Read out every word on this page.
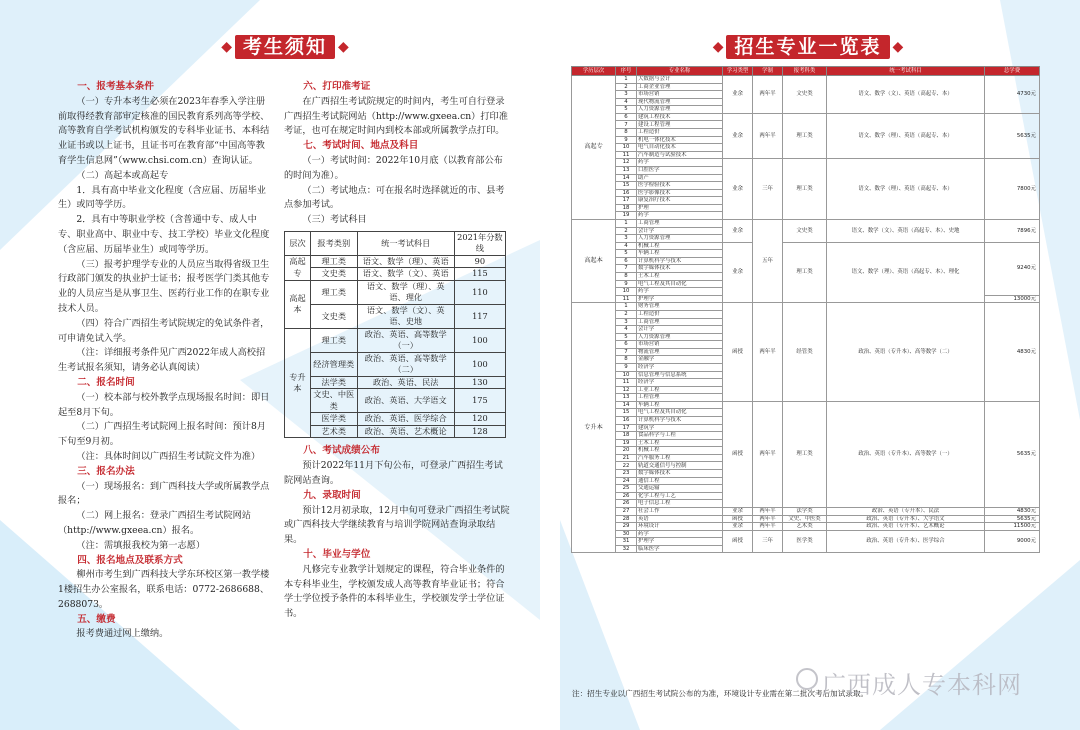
◆ 考生须知 ◆	◆ 招生专业一览表 ◆

一、报考基本条件

（一）专升本考生必须在2023年春季入学注册前取得经教育部审定核准的国民教育系列高等学校、高等教育自学考试机构颁发的专科毕业证书、本科结业证书或以上证书，且证书可在教育部“中国高等教育学生信息网”（www.chsi.com.cn）查询认证。

（二）高起本或高起专

1．具有高中毕业文化程度（含应届、历届毕业生）或同等学历。

2．具有中等职业学校（含普通中专、成人中专、职业高中、职业中专、技工学校）毕业文化程度（含应届、历届毕业生）或同等学历。

（三）报考护理学专业的人员应当取得省级卫生行政部门颁发的执业护士证书；报考医学门类其他专业的人员应当是从事卫生、医药行业工作的在职专业技术人员。

（四）符合广西招生考试院规定的免试条件者，可申请免试入学。

（注：详细报考条件见广西2022年成人高校招生考试报名须知，请务必认真阅读）

二、报名时间

（一）校本部与校外教学点现场报名时间：即日起至8月下旬。

（二）广西招生考试院网上报名时间：预计8月下旬至9月初。

（注：具体时间以广西招生考试院文件为准）

三、报名办法

（一）现场报名：到广西科技大学或所属教学点报名；

（二）网上报名：登录广西招生考试院网站（http://www.gxeea.cn）报名。

（注：需填报我校为第一志愿）

四、报名地点及联系方式

柳州市考生到广西科技大学东环校区第一教学楼1楼招生办公室报名，联系电话：0772-2686688、2688073。

五、缴费

报考费通过网上缴纳。

六、打印准考证

在广西招生考试院规定的时间内，考生可自行登录广西招生考试院网站（http://www.gxeea.cn）打印准考证，也可在规定时间内到校本部或所属教学点打印。

七、考试时间、地点及科目

（一）考试时间：2022年10月底（以教育部公布的时间为准）。

（二）考试地点：可在报名时选择就近的市、县考点参加考试。

（三）考试科目

层次	报考类别	统一考试科目	2021年分数线
高起专	理工类	语文、数学（理）、英语	90
	文史类	语文、数学（文）、英语	115
高起本	理工类	语文、数学（理）、英语、理化	110
	文史类	语文、数学（文）、英语、史地	117
专升本	理工类	政治、英语、高等数学（一）	100
	经济管理类	政治、英语、高等数学（二）	100
	法学类	政治、英语、民法	130
	文史、中医类	政治、英语、大学语文	175
	医学类	政治、英语、医学综合	120
	艺术类	政治、英语、艺术概论	128

八、考试成绩公布

预计2022年11月下旬公布，可登录广西招生考试院网站查询。

九、录取时间

预计12月初录取，12月中旬可登录广西招生考试院或广西科技大学继续教育与培训学院网站查询录取结果。

十、毕业与学位

凡修完专业教学计划规定的课程，符合毕业条件的本专科毕业生，学校颁发成人高等教育毕业证书；符合学士学位授予条件的本科毕业生，学校颁发学士学位证书。

学历层次	序号	专业名称	学习类型	学制	报考科类	统一考试科目	总学费
高起专	1	大数据与会计	业余	两年半	文史类	语文、数学（文）、英语（高起专、本）	4730元
	2	工商企业管理					
	3	市场营销					
	4	现代物流管理					
	5	人力资源管理					
	6	建筑工程技术	业余	两年半	理工类	语文、数学（理）、英语（高起专、本）	5635元
	7	建设工程管理					
	8	工程造价					
	9	机电一体化技术					
	10	电气自动化技术					
	11	汽车制造与试验技术					
	12	药学	业余	三年	理工类	语文、数学（理）、英语（高起专、本）	7800元
	13	口腔医学					
	14	助产					
	15	医学检验技术					
	16	医学影像技术					
	17	康复治疗技术					
	18	护理					
	19	药学					
高起本	1	工商管理	业余	五年	文史类	语文、数学（文）、英语（高起专、本）、史地	7896元
	2	会计学					
	3	人力资源管理					
	4	机械工程	业余		理工类	语文、数学（理）、英语（高起专、本）、理化	9240元
	5	车辆工程					
	6	计算机科学与技术					
	7	数字媒体技术					
	8	土木工程					
	9	电气工程及其自动化					
	10	药学					
	11	护理学					13000元
专升本	1	财务管理	函授	两年半	经管类	政治、英语（专升本）、高等数学（二）	4830元
	2	工程造价					
	3	工商管理					
	4	会计学					
	5	人力资源管理					
	6	市场营销					
	7	物流管理					
	8	金融学					
	9	经济学					
	10	信息管理与信息系统					
	11	经济学					
	12	工业工程					
	13	工程管理					
	14	车辆工程	函授	两年半	理工类	政治、英语（专升本）、高等数学（一）	5635元
	15	电气工程及其自动化					
	16	计算机科学与技术					
	17	建筑学					
	18	食品科学与工程					
	19	土木工程					
	20	机械工程					
	21	汽车服务工程					
	22	轨道交通信号与控制					
	23	数字媒体技术					
	24	通信工程					
	25	交通运输					
	26	化学工程与工艺					
	26	电子信息工程					
	27	社会工作	业余	两年半	法学类	政治、英语（专升本）、民法	4830元
	28	英语	函授	两年半	文史、中医类	政治、英语（专升本）、大学语文	5635元
	29	环境设计	业余	两年半	艺术类	政治、英语（专升本）、艺术概论	11500元
	30	药学	函授	三年	医学类	政治、英语（专升本）、医学综合	9000元
	31	护理学					
	32	临床医学					
注：招生专业以广西招生考试院公布的为准，环境设计专业需在第二批次考后加试录取。
广西成人专本科网
